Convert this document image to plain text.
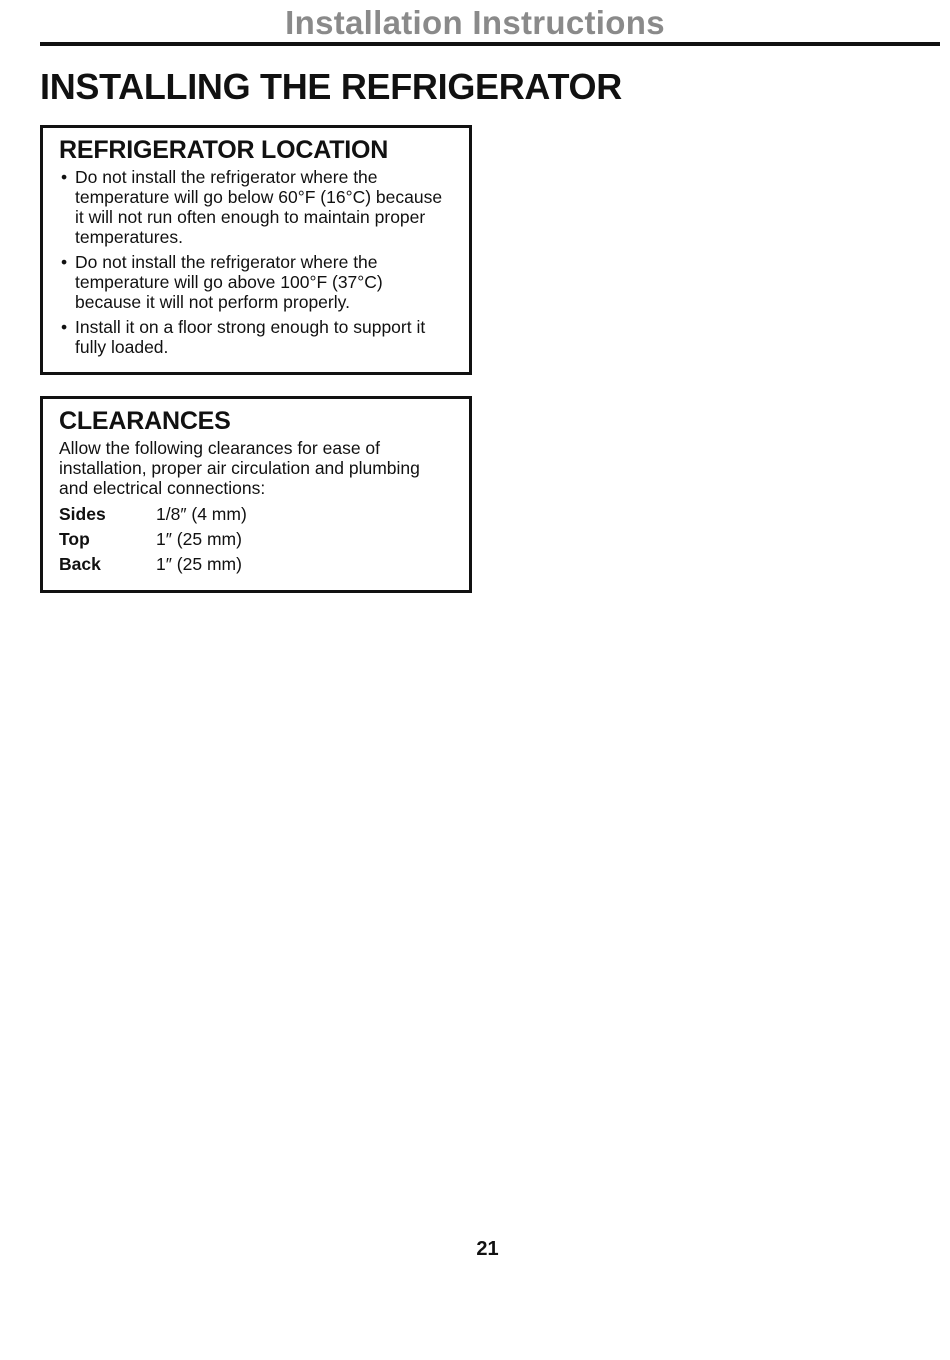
Installation Instructions
INSTALLING THE REFRIGERATOR
REFRIGERATOR LOCATION
• Do not install the refrigerator where the temperature will go below 60°F (16°C) because it will not run often enough to maintain proper temperatures.
• Do not install the refrigerator where the temperature will go above 100°F (37°C) because it will not perform properly.
• Install it on a floor strong enough to support it fully loaded.
CLEARANCES

Allow the following clearances for ease of installation, proper air circulation and plumbing and electrical connections:

Sides	1/8″ (4 mm)
Top	1″ (25 mm)
Back	1″ (25 mm)
21
